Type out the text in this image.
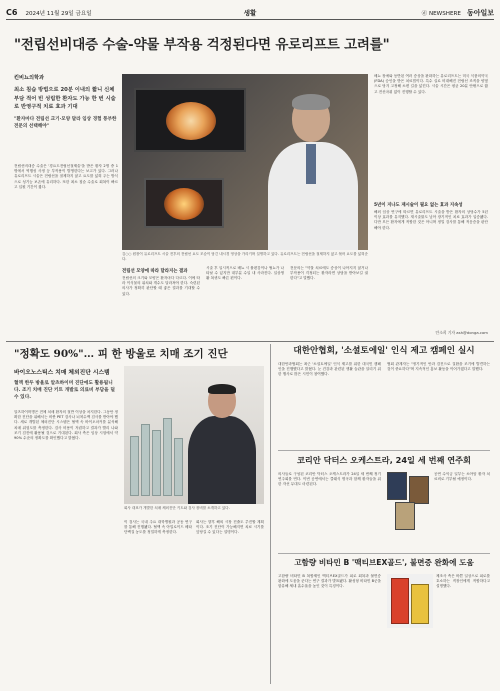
C6 2024년 11월 29일 금요일	생활	ⓓ NEWSHERE 동아일보
"전립선비대증 수술-약물 부작용 걱정된다면 유로리프트 고려를"
킨비뇨의학과
최소 침습 방법으로 20분 이내의 짧니 신체 부담 적어 빈 성립한 환자도 가능 한 번 시술로 반영구적 치료 효과 기대
"환자마다 전립선 크기·모양 달라 임상 경험 풍부한 전문의 선택해야"
전립선비대증 수술은 '경요도전립선절제술'을 받은 환자 2명 중 1명에서 역행성 사정 등 부작용이 발생한다는 보고가 있다. 그러나 유로리프트 시술은 전립선을 절제하지 않고 요도를 넓혀 주는 방식으로 성기능 보존에 유리하다. 또한 최소 침습 수술로 회복이 빠르고 입원 기간이 짧다.
김○○ 원장이 유로리프트 시술 전후의 전립선 요도 모습이 담긴 내시경 영상을 가리키며 설명하고 있다. 유로리프트는 전립선을 절제하지 않고 묶어 요도를 넓혀준다.
배뇨 장애와 동반된 여러 증상을 완화하는 유로리프트는 미국 식품의약국(FDA) 승인을 받은 치료법이다. 특수 실로 비대해진 전립선 조직을 양옆으로 당겨 고정해 소변 길을 넓힌다. 시술 시간은 평균 20분 안팎으로 짧고 전신마취 없이 진행할 수 있다.
5년이 지나도 재시술이 필요 없는 효과 지속성
해외 임상 연구에 따르면 유로리프트 시술을 받은 환자의 상당수가 5년 이상 효과를 유지했다. 재시술률도 낮아 장기적인 치료 효과가 입증됐다. 다만 모든 환자에게 적합한 것은 아니며 정밀 검사를 통해 적응증을 판단해야 한다.
전립선 모양에 따라 달라지는 결과
전립선의 크기와 모양은 환자마다 다르다. 이에 따라 이식물의 위치와 개수도 달라져야 한다. 숙련된 의사가 정확히 판단할 때 좋은 결과를 기대할 수 있다.
시술 후 일시적으로 배뇨 시 불편감이나 혈뇨가 나타날 수 있지만 대부분 수일 내 사라진다. 일상생활 복귀도 빠른 편이다.
전문의는 "약물 치료에도 증상이 나아지지 않거나 부작용이 걱정되는 환자라면 상담을 받아보길 권한다"고 말했다.
안소희 기자 ash@donga.com
"정확도 90%"… 피 한 방울로 치매 조기 진단
바이오노스틱스 치매 체외진단 시스템
혈액 한두 방울로 알츠하이머 진단에도 활용됩니다. 조기 치매 진단 키트 개발로 의료비 부담을 덜 수 있다.
알츠하이머병은 전체 치매 환자의 절반 이상을 차지한다. 그동안 정확한 진단을 위해서는 비싼 PET 검사나 뇌척수액 검사를 받아야 했다. 새로 개발된 체외진단 시스템은 혈액 속 바이오마커를 분석해 치매 위험도를 측정한다. 검사 비용이 저렴하고 결과가 빨리 나와 조기 검진에 활용될 것으로 기대된다. 회사 측은 임상 시험에서 약 90% 수준의 정확도를 확인했다고 밝혔다.
회사 대표가 개발한 치매 체외진단 키트와 검사 장비를 소개하고 있다.
이 검사는 국내 주요 대학병원과 공동 연구를 통해 진행됐다. 혈액 속 아밀로이드 베타 단백질 농도를 정밀하게 측정한다.
회사는 향후 해외 시장 진출도 추진할 계획이다. 조기 진단이 가능해지면 치료 시기를 앞당길 수 있다는 설명이다.
대한안협회, '소셜토에일' 인식 제고 캠페인 실시
대한안과협회는 최근 '소셜토에일' 인식 제고를 위한 대국민 캠페인을 진행했다고 밝혔다. 눈 건강과 관련된 생활 습관을 알리기 위한 행사로 많은 시민이 참여했다.
협회 관계자는 "정기적인 안과 검진으로 질환을 조기에 발견하는 것이 중요하다"며 지속적인 홍보 활동을 이어가겠다고 말했다.
코리안 닥터스 오케스트라, 24일 세 번째 연주회
의사들로 구성된 코리안 닥터스 오케스트라가 24일 세 번째 정기 연주회를 연다. 이번 공연에서는 클래식 명곡과 함께 환자들을 위한 자선 무대도 마련된다.
공연 수익금 일부는 소아암 환자 치료비로 기부될 예정이다.
고함량 비타민 B '맥티브EX골드', 불면증 완화에 도움
고함량 비타민 B 복합제인 맥티브EX골드가 피로 회복과 불면증 완화에 도움을 준다는 연구 결과가 발표됐다. 활성형 비타민 B군을 함유해 체내 흡수율을 높인 것이 특징이다.
제조사 측은 바쁜 일상으로 피로를 호소하는 직장인에게 적합하다고 설명했다.
